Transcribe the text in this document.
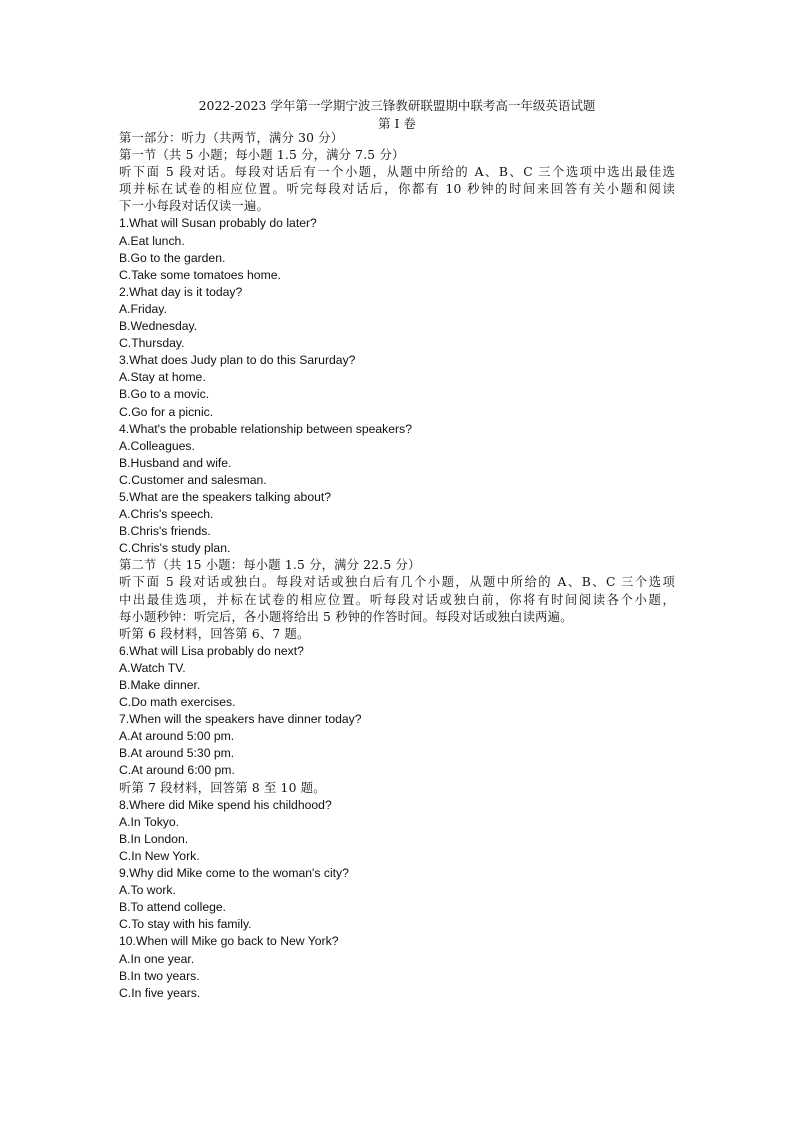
2022-2023 学年第一学期宁波三锋教研联盟期中联考高一年级英语试题
第 I 卷
第一部分：听力（共两节，满分 30 分）
第一节（共 5 小题；每小题 1.5 分，满分 7.5 分）
听下面 5 段对话。每段对话后有一个小题，从题中所给的 A、B、C 三个选项中选出最佳选
项并标在试卷的相应位置。听完每段对话后，你都有 10 秒钟的时间来回答有关小题和阅读
下一小每段对话仅读一遍。
1.What will Susan probably do later?
A.Eat lunch.
B.Go to the garden.
C.Take some tomatoes home.
2.What day is it today?
A.Friday.
B.Wednesday.
C.Thursday.
3.What does Judy plan to do this Sarurday?
A.Stay at home.
B.Go to a movic.
C.Go for a picnic.
4.What's the probable relationship between speakers?
A.Colleagues.
B.Husband and wife.
C.Customer and salesman.
5.What are the speakers talking about?
A.Chris's speech.
B.Chris's friends.
C.Chris's study plan.
第二节（共 15 小题：每小题 1.5 分，满分 22.5 分）
听下面 5 段对话或独白。每段对话或独白后有几个小题，从题中所给的 A、B、C 三个选项
中出最佳选项，并标在试卷的相应位置。听每段对话或独白前，你将有时间阅读各个小题，
每小题秒钟：听完后，各小题将给出 5 秒钟的作答时间。每段对话或独白读两遍。
听第 6 段材料，回答第 6、7 题。
6.What will Lisa probably do next?
A.Watch TV.
B.Make dinner.
C.Do math exercises.
7.When will the speakers have dinner today?
A.At around 5:00 pm.
B.At around 5:30 pm.
C.At around 6:00 pm.
听第 7 段材料，回答第 8 至 10 题。
8.Where did Mike spend his childhood?
A.In Tokyo.
B.In London.
C.In New York.
9.Why did Mike come to the woman's city?
A.To work.
B.To attend college.
C.To stay with his family.
10.When will Mike go back to New York?
A.In one year.
B.In two years.
C.In five years.
